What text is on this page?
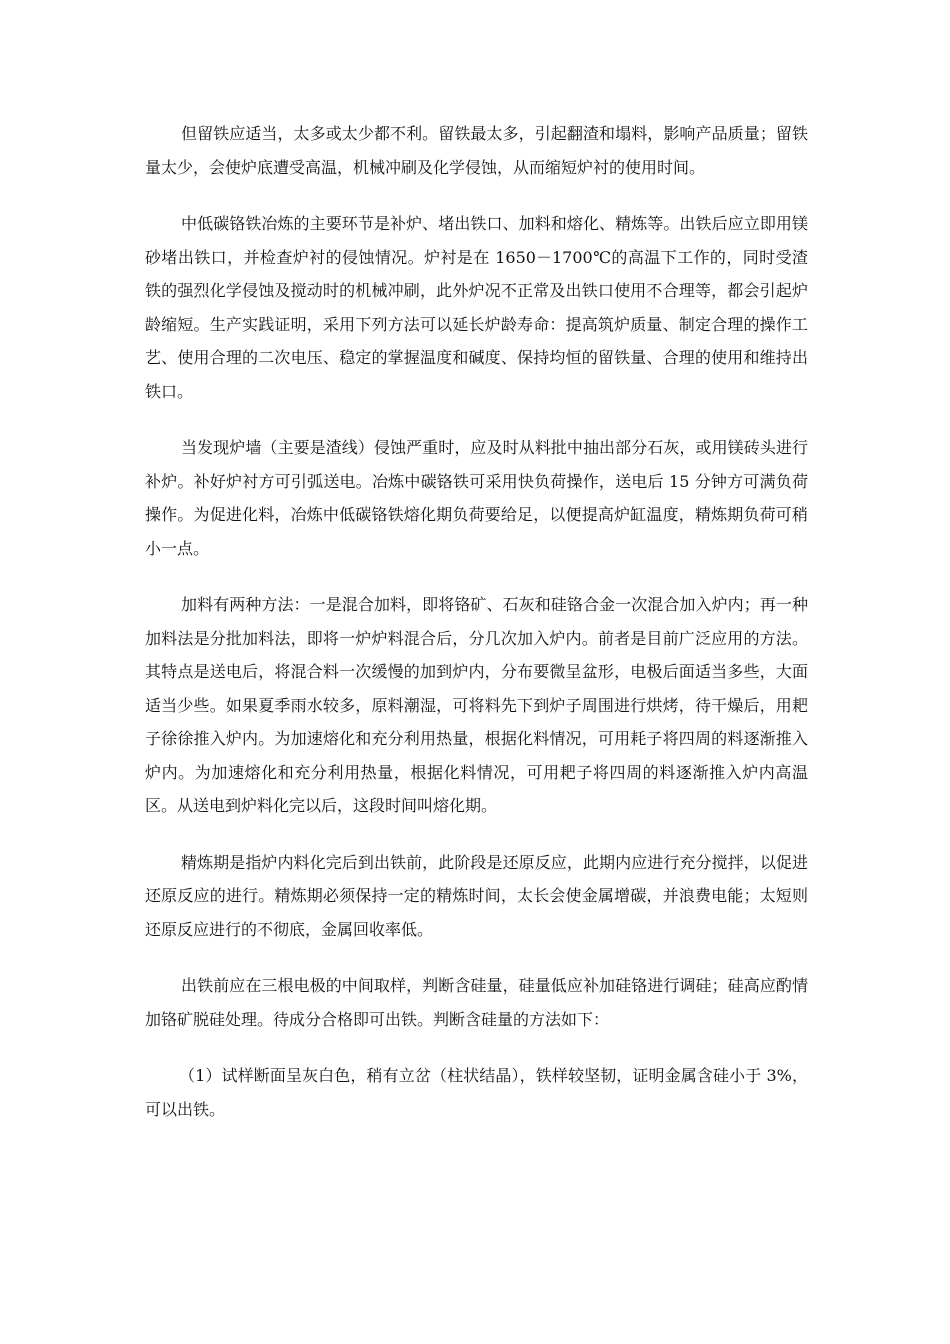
但留铁应适当，太多或太少都不利。留铁最太多，引起翻渣和塌料，影响产品质量；留铁量太少，会使炉底遭受高温，机械冲刷及化学侵蚀，从而缩短炉衬的使用时间。

中低碳铬铁冶炼的主要环节是补炉、堵出铁口、加料和熔化、精炼等。出铁后应立即用镁砂堵出铁口，并检查炉衬的侵蚀情况。炉衬是在 1650－1700℃的高温下工作的，同时受渣铁的强烈化学侵蚀及搅动时的机械冲刷，此外炉况不正常及出铁口使用不合理等，都会引起炉龄缩短。生产实践证明，采用下列方法可以延长炉龄寿命：提高筑炉质量、制定合理的操作工艺、使用合理的二次电压、稳定的掌握温度和碱度、保持均恒的留铁量、合理的使用和维持出铁口。

当发现炉墙（主要是渣线）侵蚀严重时，应及时从料批中抽出部分石灰，或用镁砖头进行补炉。补好炉衬方可引弧送电。冶炼中碳铬铁可采用快负荷操作，送电后 15 分钟方可满负荷操作。为促进化料，冶炼中低碳铬铁熔化期负荷要给足，以便提高炉缸温度，精炼期负荷可稍小一点。

加料有两种方法：一是混合加料，即将铬矿、石灰和硅铬合金一次混合加入炉内；再一种加料法是分批加料法，即将一炉炉料混合后，分几次加入炉内。前者是目前广泛应用的方法。其特点是送电后，将混合料一次缓慢的加到炉内，分布要微呈盆形，电极后面适当多些，大面适当少些。如果夏季雨水较多，原料潮湿，可将料先下到炉子周围进行烘烤，待干燥后，用耙子徐徐推入炉内。为加速熔化和充分利用热量，根据化料情况，可用耗子将四周的料逐渐推入炉内。为加速熔化和充分利用热量，根据化料情况，可用耙子将四周的料逐渐推入炉内高温区。从送电到炉料化完以后，这段时间叫熔化期。

精炼期是指炉内料化完后到出铁前，此阶段是还原反应，此期内应进行充分搅拌，以促进还原反应的进行。精炼期必须保持一定的精炼时间，太长会使金属增碳，并浪费电能；太短则还原反应进行的不彻底，金属回收率低。

出铁前应在三根电极的中间取样，判断含硅量，硅量低应补加硅铬进行调硅；硅高应酌情加铬矿脱硅处理。待成分合格即可出铁。判断含硅量的方法如下：

（1）试样断面呈灰白色，稍有立岔（柱状结晶），铁样较坚韧，证明金属含硅小于 3%，可以出铁。
